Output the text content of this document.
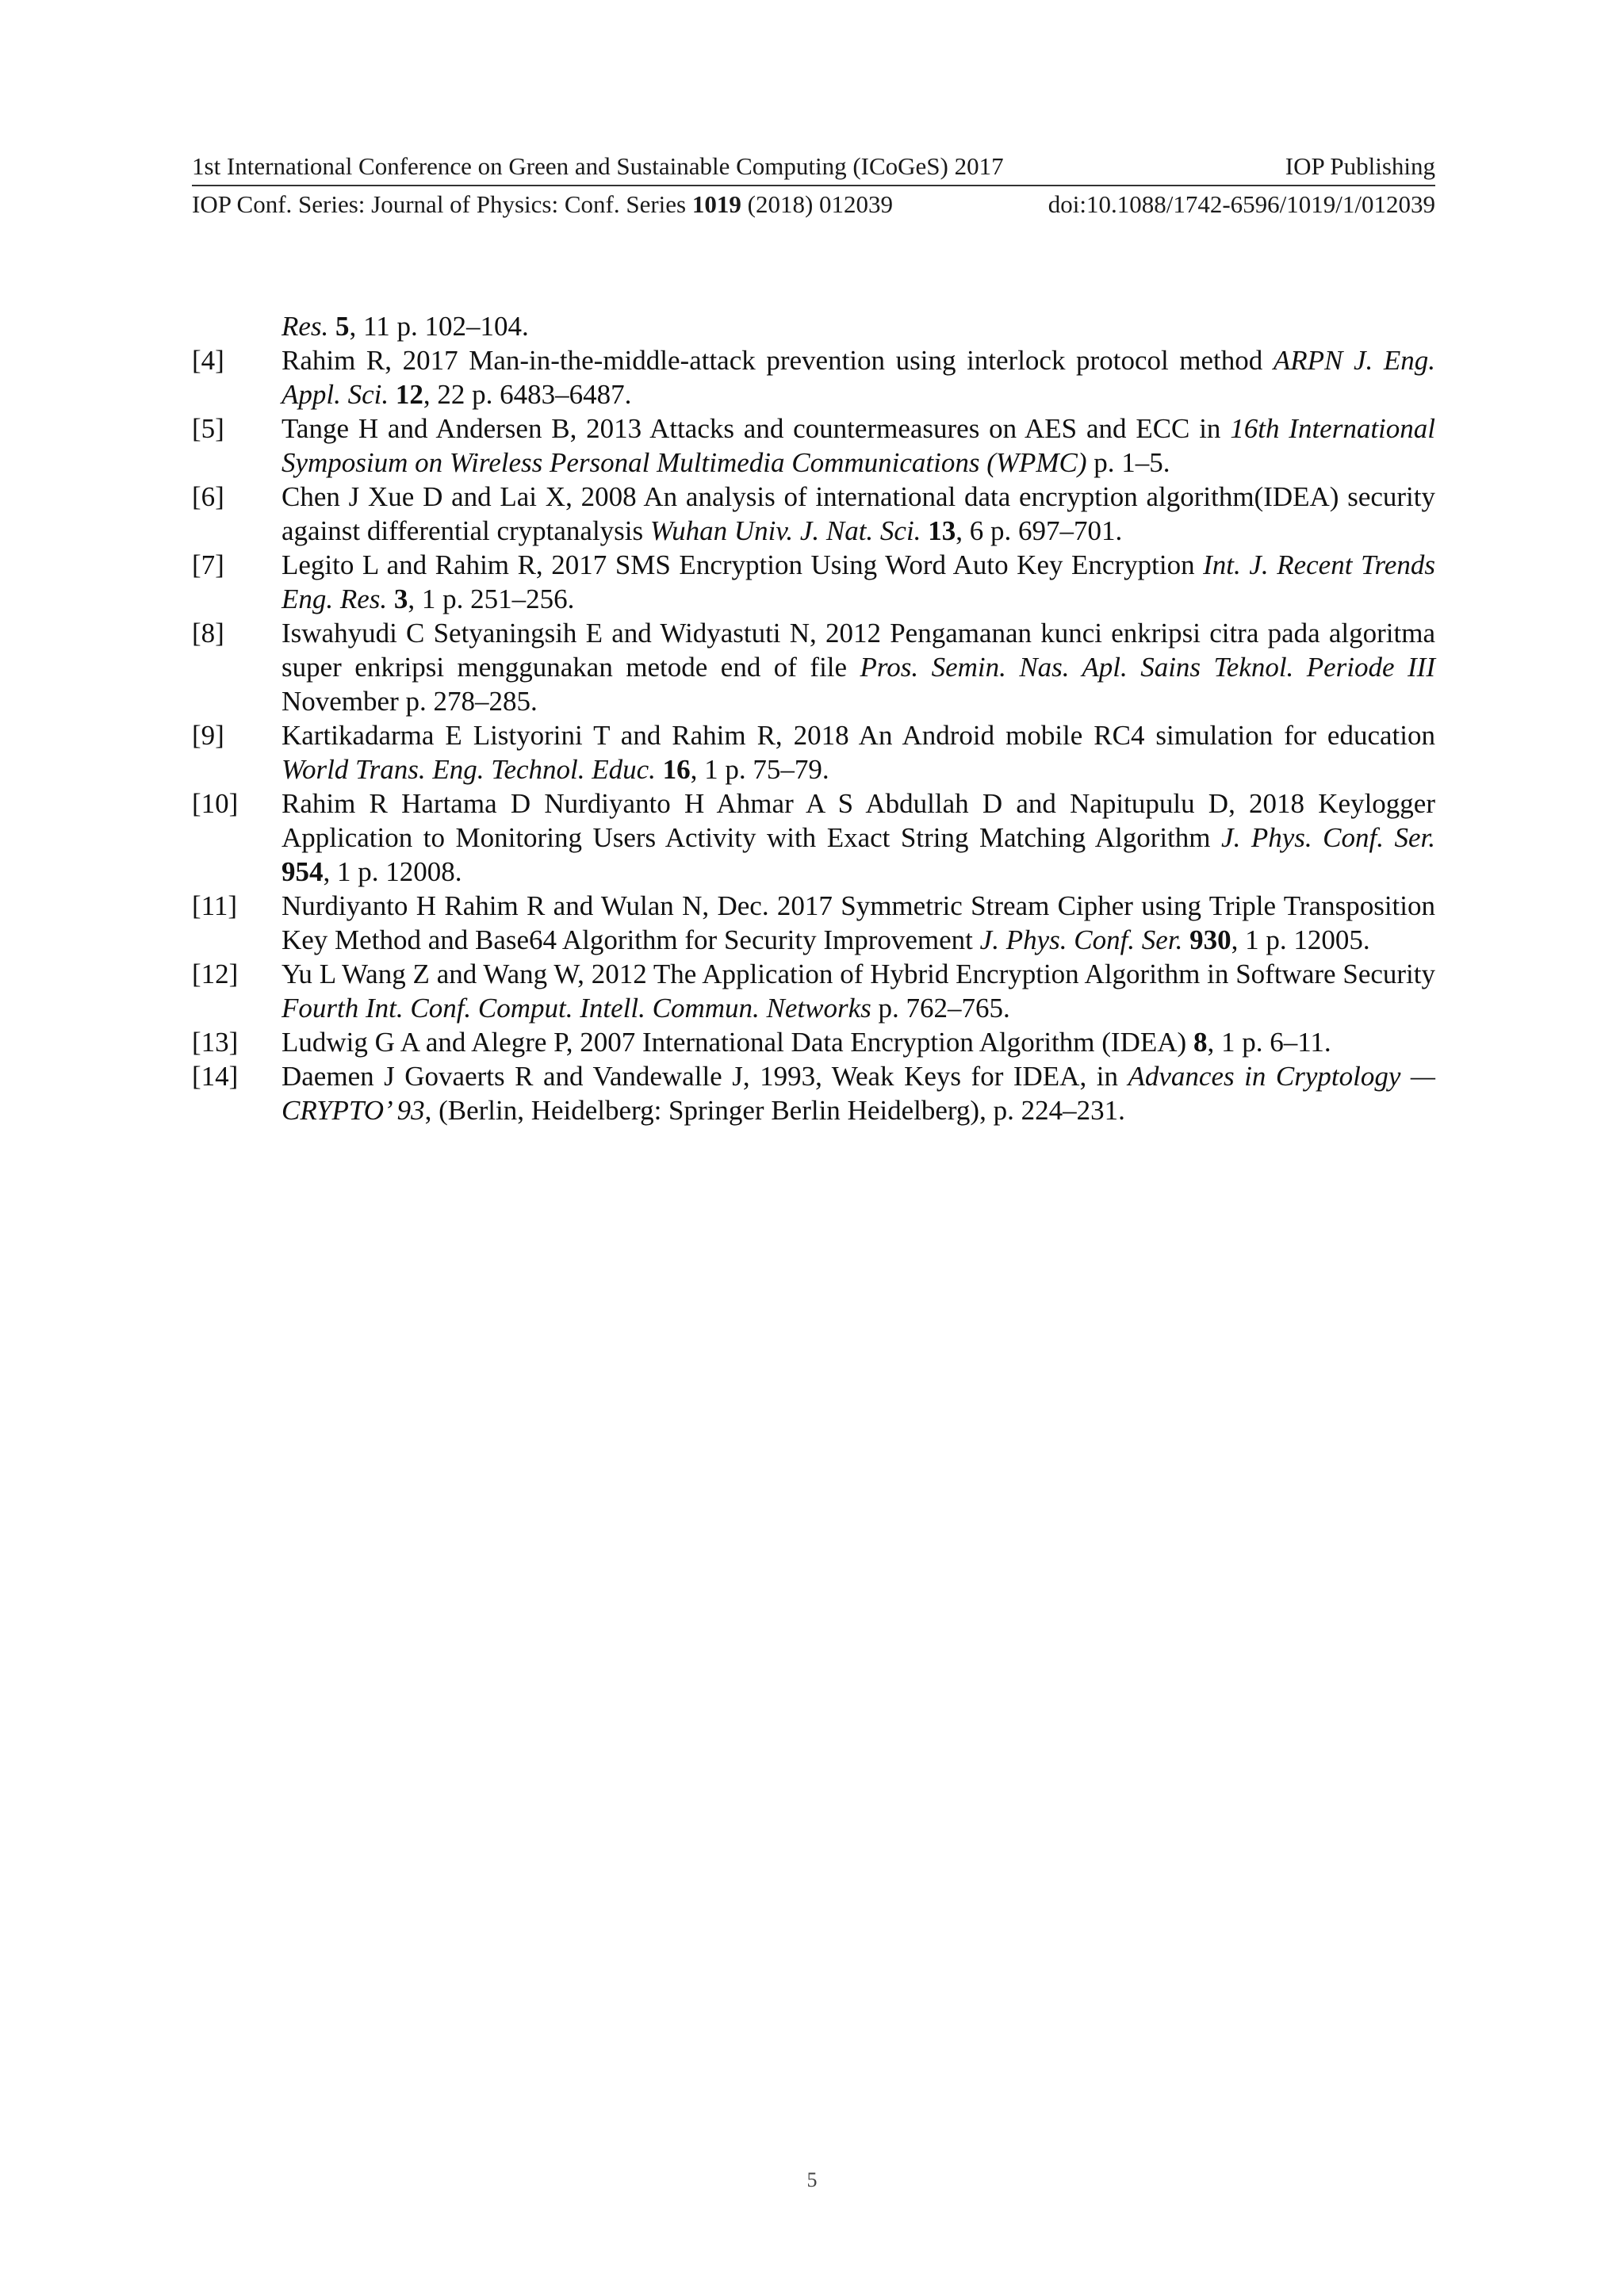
1st International Conference on Green and Sustainable Computing (ICoGeS) 2017	IOP Publishing
IOP Conf. Series: Journal of Physics: Conf. Series 1019 (2018) 012039	doi:10.1088/1742-6596/1019/1/012039
Res. 5, 11 p. 102–104.
[4]	Rahim R, 2017 Man-in-the-middle-attack prevention using interlock protocol method ARPN J. Eng. Appl. Sci. 12, 22 p. 6483–6487.
[5]	Tange H and Andersen B, 2013 Attacks and countermeasures on AES and ECC in 16th International Symposium on Wireless Personal Multimedia Communications (WPMC) p. 1–5.
[6]	Chen J Xue D and Lai X, 2008 An analysis of international data encryption algorithm(IDEA) security against differential cryptanalysis Wuhan Univ. J. Nat. Sci. 13, 6 p. 697–701.
[7]	Legito L and Rahim R, 2017 SMS Encryption Using Word Auto Key Encryption Int. J. Recent Trends Eng. Res. 3, 1 p. 251–256.
[8]	Iswahyudi C Setyaningsih E and Widyastuti N, 2012 Pengamanan kunci enkripsi citra pada algoritma super enkripsi menggunakan metode end of file Pros. Semin. Nas. Apl. Sains Teknol. Periode III November p. 278–285.
[9]	Kartikadarma E Listyorini T and Rahim R, 2018 An Android mobile RC4 simulation for education World Trans. Eng. Technol. Educ. 16, 1 p. 75–79.
[10]	Rahim R Hartama D Nurdiyanto H Ahmar A S Abdullah D and Napitupulu D, 2018 Keylogger Application to Monitoring Users Activity with Exact String Matching Algorithm J. Phys. Conf. Ser. 954, 1 p. 12008.
[11]	Nurdiyanto H Rahim R and Wulan N, Dec. 2017 Symmetric Stream Cipher using Triple Transposition Key Method and Base64 Algorithm for Security Improvement J. Phys. Conf. Ser. 930, 1 p. 12005.
[12]	Yu L Wang Z and Wang W, 2012 The Application of Hybrid Encryption Algorithm in Software Security Fourth Int. Conf. Comput. Intell. Commun. Networks p. 762–765.
[13]	Ludwig G A and Alegre P, 2007 International Data Encryption Algorithm (IDEA) 8, 1 p. 6–11.
[14]	Daemen J Govaerts R and Vandewalle J, 1993, Weak Keys for IDEA, in Advances in Cryptology — CRYPTO’ 93, (Berlin, Heidelberg: Springer Berlin Heidelberg), p. 224–231.
5
